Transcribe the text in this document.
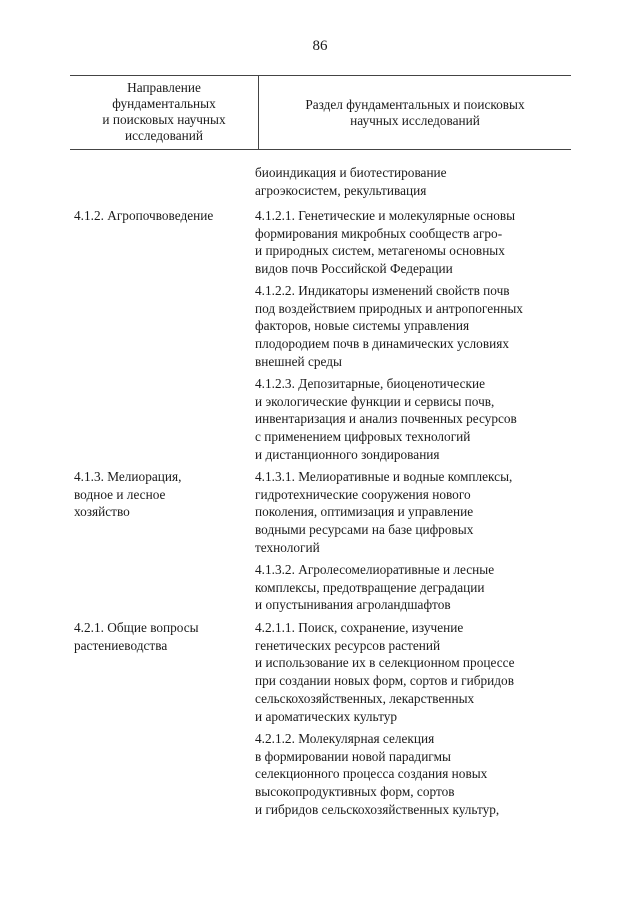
86
Направление
фундаментальных
и поисковых научных
исследований
Раздел фундаментальных и поисковых
научных исследований
биоиндикация и биотестирование
агроэкосистем, рекультивация
4.1.2. Агропочвоведение	4.1.2.1. Генетические и молекулярные основы
формирования микробных сообществ агро-
и природных систем, метагеномы основных
видов почв Российской Федерации
4.1.2.2. Индикаторы изменений свойств почв
под воздействием природных и антропогенных
факторов, новые системы управления
плодородием почв в динамических условиях
внешней среды
4.1.2.3. Депозитарные, биоценотические
и экологические функции и сервисы почв,
инвентаризация и анализ почвенных ресурсов
с применением цифровых технологий
и дистанционного зондирования
4.1.3. Мелиорация,
водное и лесное
хозяйство
4.1.3.1. Мелиоративные и водные комплексы,
гидротехнические сооружения нового
поколения, оптимизация и управление
водными ресурсами на базе цифровых
технологий
4.1.3.2. Агролесомелиоративные и лесные
комплексы, предотвращение деградации
и опустынивания агроландшафтов
4.2.1. Общие вопросы
растениеводства
4.2.1.1. Поиск, сохранение, изучение
генетических ресурсов растений
и использование их в селекционном процессе
при создании новых форм, сортов и гибридов
сельскохозяйственных, лекарственных
и ароматических культур
4.2.1.2. Молекулярная селекция
в формировании новой парадигмы
селекционного процесса создания новых
высокопродуктивных форм, сортов
и гибридов сельскохозяйственных культур,
